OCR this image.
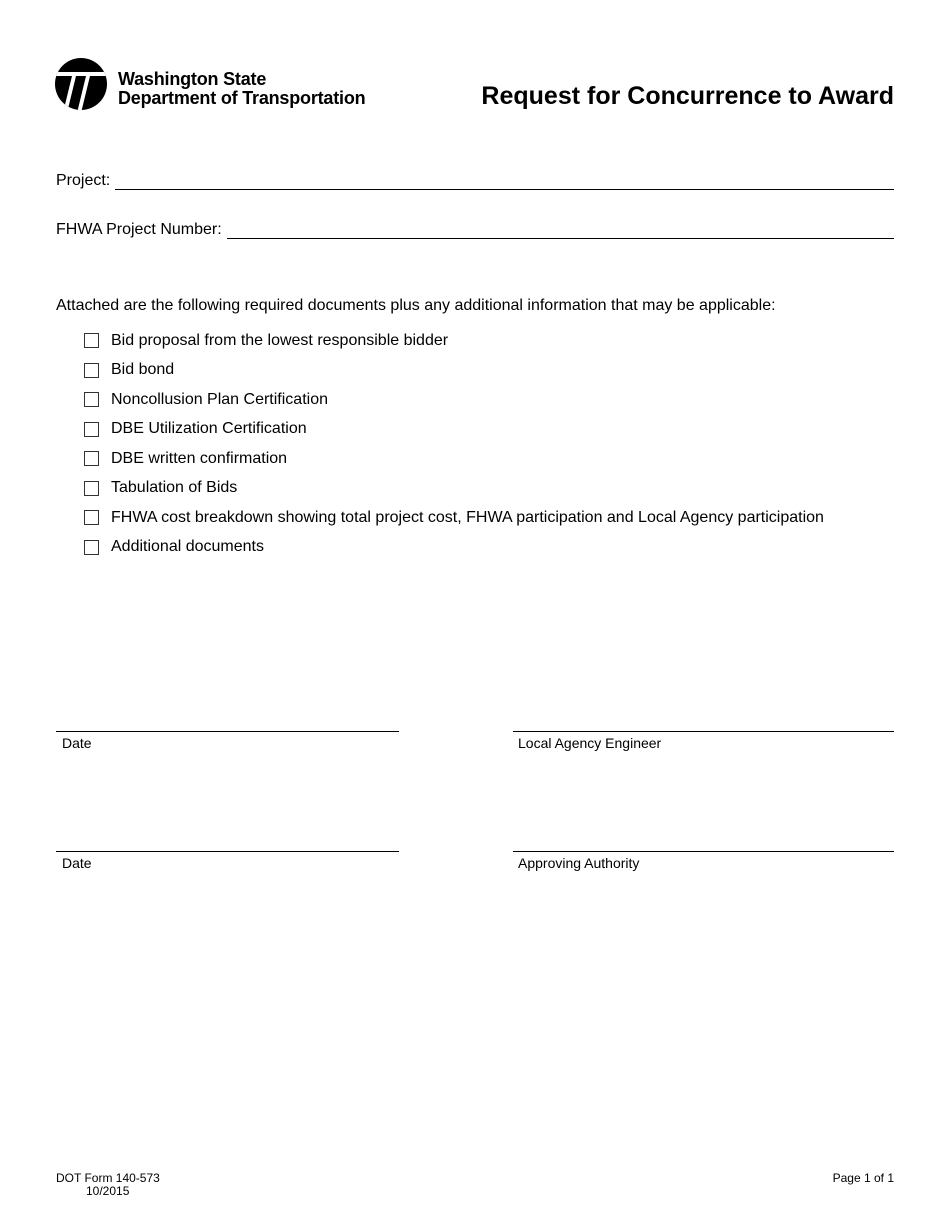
Washington State
Department of Transportation	Request for Concurrence to Award
Project:
FHWA Project Number:
Attached are the following required documents plus any additional information that may be applicable:
Bid proposal from the lowest responsible bidder
Bid bond
Noncollusion Plan Certification
DBE Utilization Certification
DBE written confirmation
Tabulation of Bids
FHWA cost breakdown showing total project cost, FHWA participation and Local Agency participation
Additional documents
Date	Local Agency Engineer
Date	Approving Authority
DOT Form 140-573
10/2015
Page 1 of 1
